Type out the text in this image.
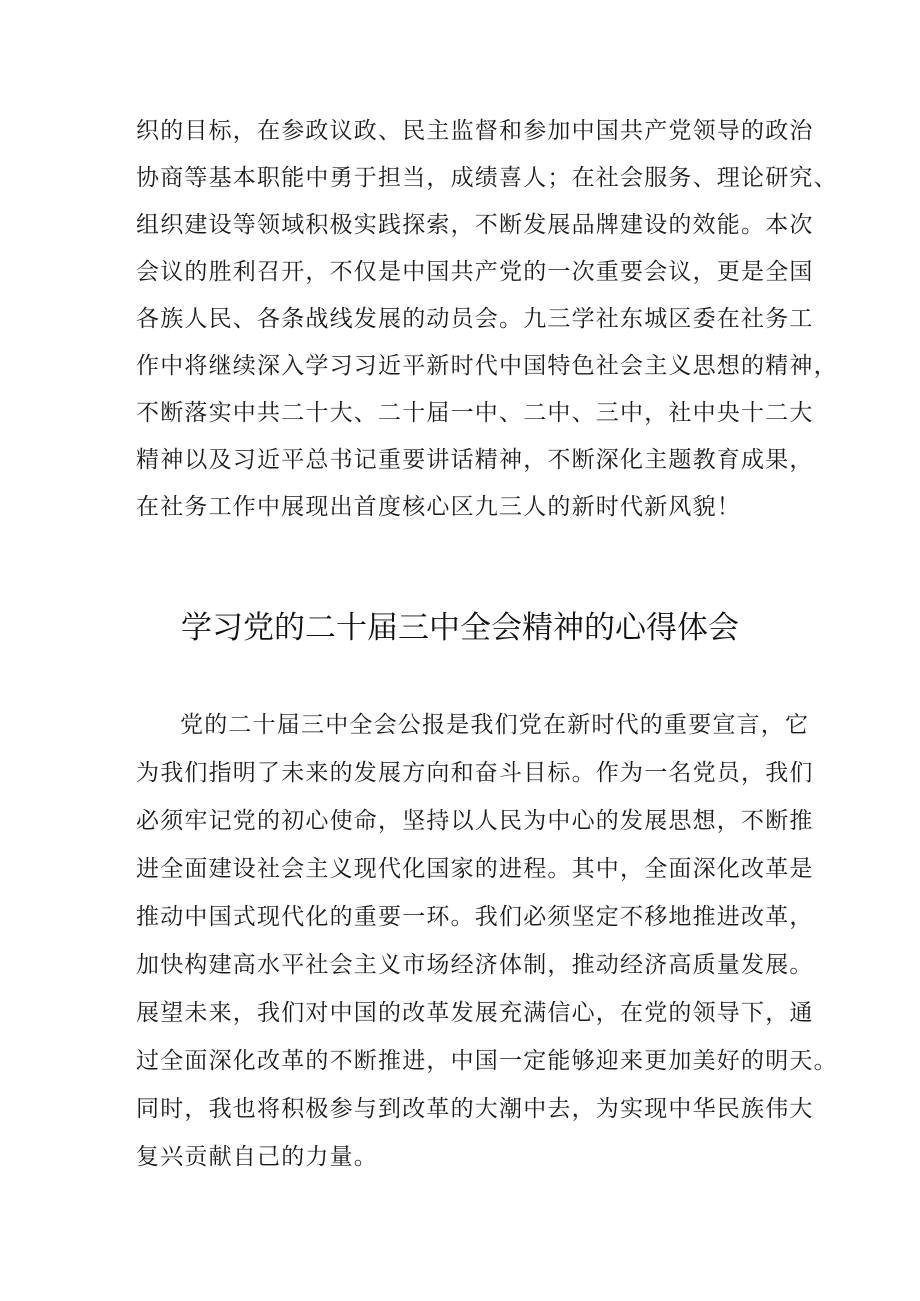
织的目标，在参政议政、民主监督和参加中国共产党领导的政治
协商等基本职能中勇于担当，成绩喜人；在社会服务、理论研究、
组织建设等领域积极实践探索，不断发展品牌建设的效能。本次
会议的胜利召开，不仅是中国共产党的一次重要会议，更是全国
各族人民、各条战线发展的动员会。九三学社东城区委在社务工
作中将继续深入学习习近平新时代中国特色社会主义思想的精神，
不断落实中共二十大、二十届一中、二中、三中，社中央十二大
精神以及习近平总书记重要讲话精神，不断深化主题教育成果，
在社务工作中展现出首度核心区九三人的新时代新风貌！
学习党的二十届三中全会精神的心得体会
党的二十届三中全会公报是我们党在新时代的重要宣言，它
为我们指明了未来的发展方向和奋斗目标。作为一名党员，我们
必须牢记党的初心使命，坚持以人民为中心的发展思想，不断推
进全面建设社会主义现代化国家的进程。其中，全面深化改革是
推动中国式现代化的重要一环。我们必须坚定不移地推进改革，
加快构建高水平社会主义市场经济体制，推动经济高质量发展。
展望未来，我们对中国的改革发展充满信心，在党的领导下，通
过全面深化改革的不断推进，中国一定能够迎来更加美好的明天。
同时，我也将积极参与到改革的大潮中去，为实现中华民族伟大
复兴贡献自己的力量。
